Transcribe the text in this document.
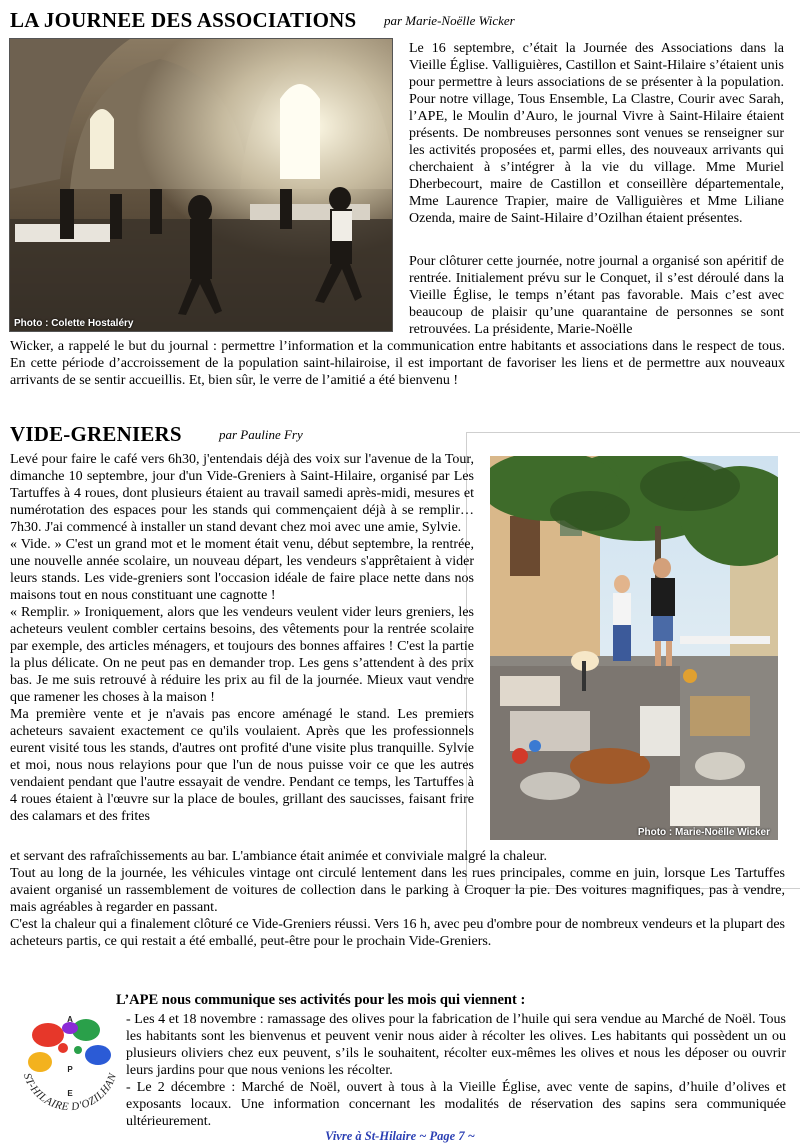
LA JOURNEE DES ASSOCIATIONS par Marie-Noëlle Wicker
Photo : Colette Hostaléry

Le 16 septembre, c’était la Journée des Associations dans la Vieille Église. Valliguières, Castillon et Saint-Hilaire s’étaient unis pour permettre à leurs associations de se présenter à la population. Pour notre village, Tous Ensemble, La Clastre, Courir avec Sarah, l’APE, le Moulin d’Auro, le journal Vivre à Saint-Hilaire étaient présents. De nombreuses personnes sont venues se renseigner sur les activités proposées et, parmi elles, des nouveaux arrivants qui cherchaient à s’intégrer à la vie du village. Mme Muriel Dherbecourt, maire de Castillon et conseillère départementale, Mme Laurence Trapier, maire de Valliguières et Mme Liliane Ozenda, maire de Saint-Hilaire d’Ozilhan étaient présentes.

Pour clôturer cette journée, notre journal a organisé son apéritif de rentrée. Initialement prévu sur le Conquet, il s’est déroulé dans la Vieille Église, le temps n’étant pas favorable. Mais c’est avec beaucoup de plaisir qu’une quarantaine de personnes se sont retrouvées. La présidente, Marie-Noëlle

Wicker, a rappelé le but du journal : permettre l’information et la communication entre habitants et associations dans le respect de tous. En cette période d’accroissement de la population saint-hilairoise, il est important de favoriser les liens et de permettre aux nouveaux arrivants de se sentir accueillis. Et, bien sûr, le verre de l’amitié a été bienvenu !

VIDE-GRENIERS	par Pauline Fry
Photo : Marie-Noëlle Wicker

Levé pour faire le café vers 6h30, j'entendais déjà des voix sur l'avenue de la Tour, dimanche 10 septembre, jour d'un Vide-Greniers à Saint-Hilaire, organisé par Les Tartuffes à 4 roues, dont plusieurs étaient au travail samedi après-midi, mesures et numérotation des espaces pour les stands qui commençaient déjà à se remplir… 7h30. J'ai commencé à installer un stand devant chez moi avec une amie, Sylvie.

« Vide. » C'est un grand mot et le moment était venu, début septembre, la rentrée, une nouvelle année scolaire, un nouveau départ, les vendeurs s'apprêtaient à vider leurs stands. Les vide-greniers sont l'occasion idéale de faire place nette dans nos maisons tout en nous constituant une cagnotte !

« Remplir. » Ironiquement, alors que les vendeurs veulent vider leurs greniers, les acheteurs veulent combler certains besoins, des vêtements pour la rentrée scolaire par exemple, des articles ménagers, et toujours des bonnes affaires ! C'est la partie la plus délicate. On ne peut pas en demander trop. Les gens s’attendent à des prix bas. Je me suis retrouvé à réduire les prix au fil de la journée. Mieux vaut vendre que ramener les choses à la maison !

Ma première vente et je n'avais pas encore aménagé le stand. Les premiers acheteurs savaient exactement ce qu'ils voulaient. Après que les professionnels eurent visité tous les stands, d'autres ont profité d'une visite plus tranquille. Sylvie et moi, nous nous relayions pour que l'un de nous puisse voir ce que les autres vendaient pendant que l'autre essayait de vendre. Pendant ce temps, les Tartuffes à 4 roues étaient à l'œuvre sur la place de boules, grillant des saucisses, faisant frire des calamars et des frites

et servant des rafraîchissements au bar. L'ambiance était animée et conviviale malgré la chaleur.

Tout au long de la journée, les véhicules vintage ont circulé lentement dans les rues principales, comme en juin, lorsque Les Tartuffes avaient organisé un rassemblement de voitures de collection dans le parking à Croquer la pie. Des voitures magnifiques, pas à vendre, mais agréables à regarder en passant.

C'est la chaleur qui a finalement clôturé ce Vide-Greniers réussi. Vers 16 h, avec peu d'ombre pour de nombreux vendeurs et la plupart des acheteurs partis, ce qui restait a été emballé, peut-être pour le prochain Vide-Greniers.

A
P
E
ST-HILAIRE D'OZILHAN
L’APE nous communique ses activités pour les mois qui viennent :

- Les 4 et 18 novembre : ramassage des olives pour la fabrication de l’huile qui sera vendue au Marché de Noël. Tous les habitants sont les bienvenus et peuvent venir nous aider à récolter les olives. Les habitants qui possèdent un ou plusieurs oliviers chez eux peuvent, s’ils le souhaitent, récolter eux-mêmes les olives et nous les déposer ou ouvrir leurs jardins pour que nous venions les récolter.

- Le 2 décembre : Marché de Noël, ouvert à tous à la Vieille Église, avec vente de sapins, d’huile d’olives et exposants locaux. Une information concernant les modalités de réservation des sapins sera communiquée ultérieurement.

Vivre à St-Hilaire ~ Page 7 ~
